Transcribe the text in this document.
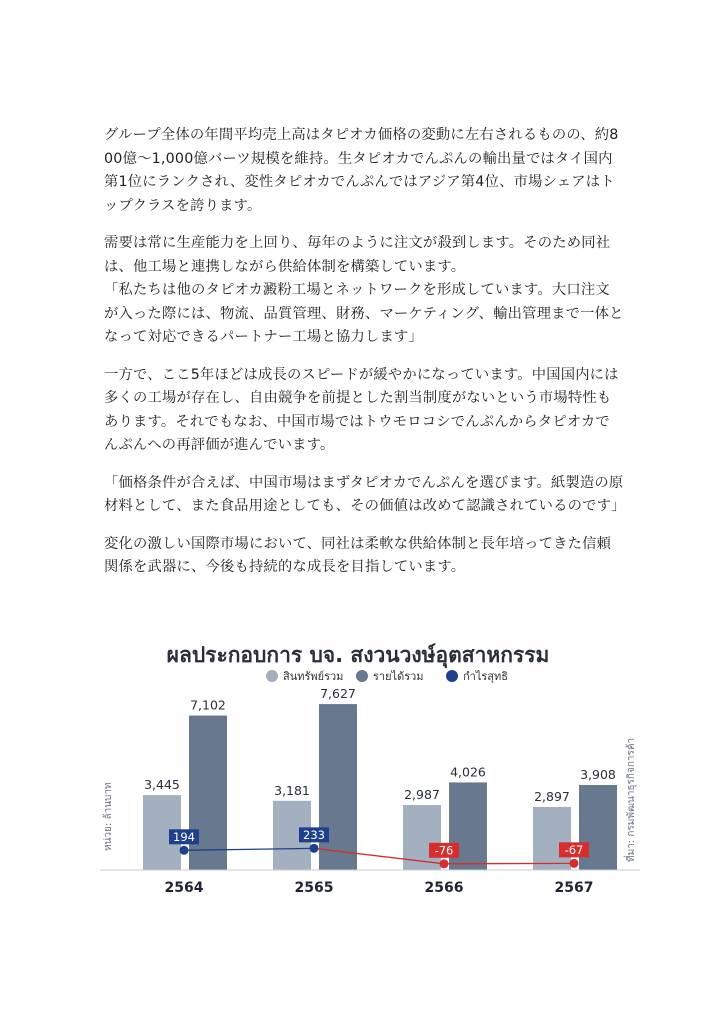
グループ全体の年間平均売上高はタピオカ価格の変動に左右されるものの、約800億〜1,000億バーツ規模を維持。生タピオカでんぷんの輸出量ではタイ国内第1位にランクされ、変性タピオカでんぷんではアジア第4位、市場シェアはトップクラスを誇ります。

需要は常に生産能力を上回り、毎年のように注文が殺到します。そのため同社は、他工場と連携しながら供給体制を構築しています。

「私たちは他のタピオカ澱粉工場とネットワークを形成しています。大口注文が入った際には、物流、品質管理、財務、マーケティング、輸出管理まで一体となって対応できるパートナー工場と協力します」

一方で、ここ5年ほどは成長のスピードが緩やかになっています。中国国内には多くの工場が存在し、自由競争を前提とした割当制度がないという市場特性もあります。それでもなお、中国市場ではトウモロコシでんぷんからタピオカでんぷんへの再評価が進んでいます。

「価格条件が合えば、中国市場はまずタピオカでんぷんを選びます。紙製造の原材料として、また食品用途としても、その価値は改めて認識されているのです」

変化の激しい国際市場において、同社は柔軟な供給体制と長年培ってきた信頼関係を武器に、今後も持続的な成長を目指しています。

ผลประกอบการ บจ. สงวนวงษ์อุตสาหกรรม
สินทรัพย์รวม	รายได้รวม	กำไรสุทธิ
3,445
7,102
3,181
7,627
2,987
4,026
2,897
3,908
194	233
-76	-67
2564	2565	2566	2567
หน่วย: ล้านบาท	ที่มา: กรมพัฒนาธุรกิจการค้า
